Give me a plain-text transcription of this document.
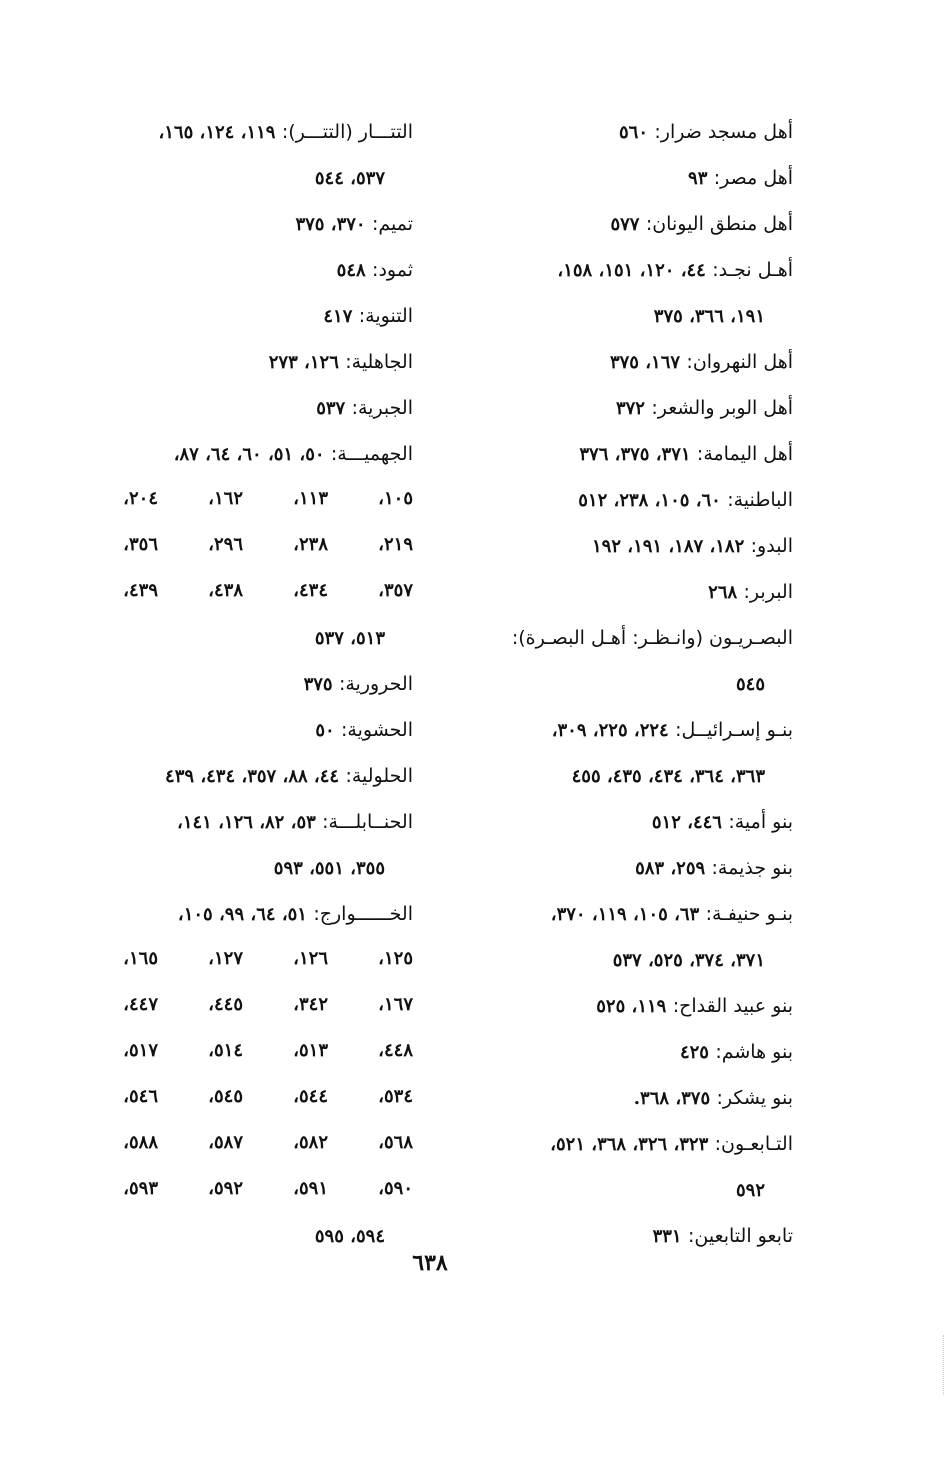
أهل مسجد ضرار: ٥٦٠
أهل مصر: ٩٣
أهل منطق اليونان: ٥٧٧
أهـل نجـد: ٤٤، ١٢٠، ١٥١، ١٥٨،
١٩١، ٣٦٦، ٣٧٥
أهل النهروان: ١٦٧، ٣٧٥
أهل الوبر والشعر: ٣٧٢
أهل اليمامة: ٣٧١، ٣٧٥، ٣٧٦
الباطنية: ٦٠، ١٠٥، ٢٣٨، ٥١٢
البدو: ١٨٢، ١٨٧، ١٩١، ١٩٢
البربر: ٢٦٨
البصـريـون (وانـظـر: أهـل البصـرة):
٥٤٥
بنـو إسـرائيــل: ٢٢٤، ٢٢٥، ٣٠٩،
٣٦٣، ٣٦٤، ٤٣٤، ٤٣٥، ٤٥٥
بنو أمية: ٤٤٦، ٥١٢
بنو جذيمة: ٢٥٩، ٥٨٣
بنـو حنيفـة: ٦٣، ١٠٥، ١١٩، ٣٧٠،
٣٧١، ٣٧٤، ٥٢٥، ٥٣٧
بنو عبيد القداح: ١١٩، ٥٢٥
بنو هاشم: ٤٢٥
بنو يشكر: ٣٧٥، ٣٦٨.
التـابعـون: ٣٢٣، ٣٢٦، ٣٦٨، ٥٢١،
٥٩٢
تابعو التابعين: ٣٣١
التتـــار (التتـــر): ١١٩، ١٢٤، ١٦٥،
٥٣٧، ٥٤٤
تميم: ٣٧٠، ٣٧٥
ثمود: ٥٤٨
التنوية: ٤١٧
الجاهلية: ١٢٦، ٢٧٣
الجبرية: ٥٣٧
الجهميـــة: ٥٠، ٥١، ٦٠، ٦٤، ٨٧،
١٠٥،
١١٣،
١٦٢،
٢٠٤،
٢١٩،
٢٣٨،
٢٩٦،
٣٥٦،
٣٥٧،
٤٣٤،
٤٣٨،
٤٣٩،
٥١٣، ٥٣٧
الحرورية: ٣٧٥
الحشوية: ٥٠
الحلولية: ٤٤، ٨٨، ٣٥٧، ٤٣٤، ٤٣٩
الحنــابلـــة: ٥٣، ٨٢، ١٢٦، ١٤١،
٣٥٥، ٥٥١، ٥٩٣
الخــــــوارج: ٥١، ٦٤، ٩٩، ١٠٥،
١٢٥،
١٢٦،
١٢٧،
١٦٥،
١٦٧،
٣٤٢،
٤٤٥،
٤٤٧،
٤٤٨،
٥١٣،
٥١٤،
٥١٧،
٥٣٤،
٥٤٤،
٥٤٥،
٥٤٦،
٥٦٨،
٥٨٢،
٥٨٧،
٥٨٨،
٥٩٠،
٥٩١،
٥٩٢،
٥٩٣،
٥٩٤، ٥٩٥
٦٣٨
